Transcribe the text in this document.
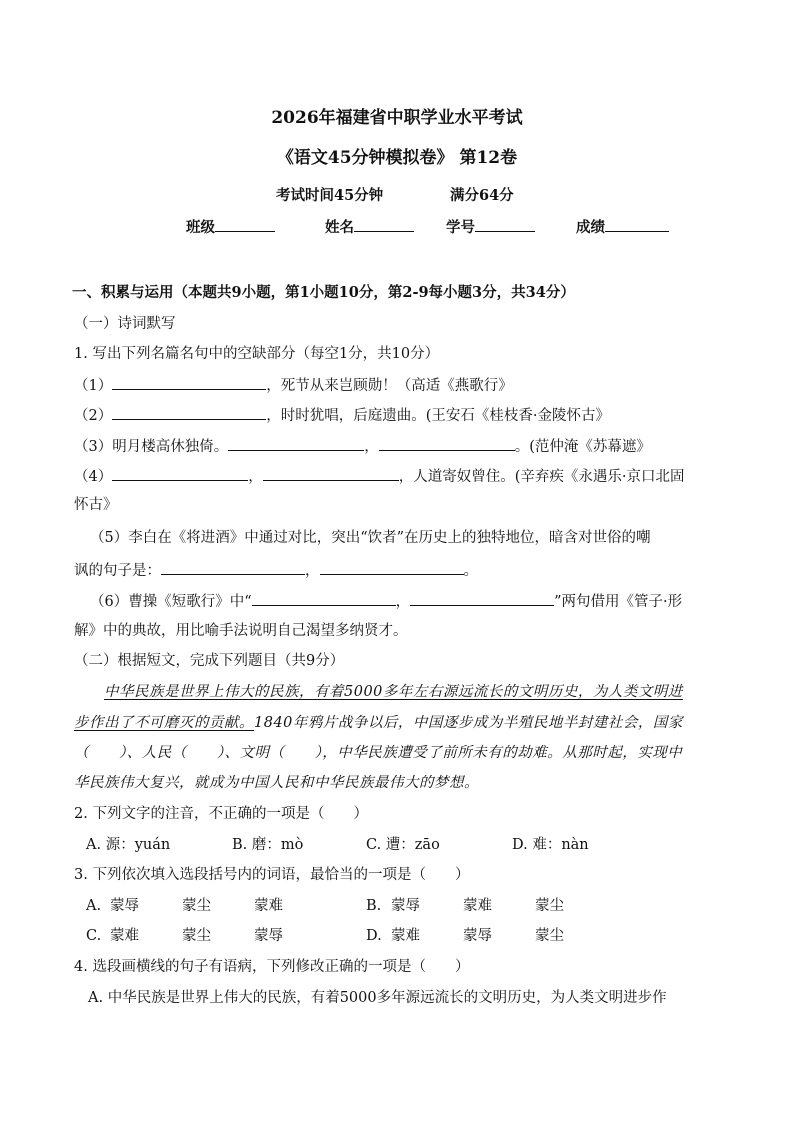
2026年福建省中职学业水平考试
《语文45分钟模拟卷》 第12卷
考试时间45分钟	满分64分
班级	姓名	学号	成绩
一、积累与运用（本题共9小题，第1小题10分，第2-9每小题3分，共34分）
（一）诗词默写
1. 写出下列名篇名句中的空缺部分（每空1分，共10分）
（1）	，死节从来岂顾勋！（高适《燕歌行》
（2）	，时时犹唱，后庭遗曲。(王安石《桂枝香·金陵怀古》
（3）明月楼高休独倚。	，	。(范仲淹《苏幕遮》
（4）	，	，人道寄奴曾住。(辛弃疾《永遇乐·京口北固
怀古》
（5）李白在《将进酒》中通过对比，突出“饮者”在历史上的独特地位，暗含对世俗的嘲
讽的句子是：	，	。
（6）曹操《短歌行》中“	，	”两句借用《管子·形
解》中的典故，用比喻手法说明自己渴望多纳贤才。
（二）根据短文，完成下列题目（共9分）
中华民族是世界上伟大的民族，有着5000多年左右源远流长的文明历史，为人类文明进
步作出了不可磨灭的贡献。1840年鸦片战争以后，中国逐步成为半殖民地半封建社会，国家
（　　）、人民（　　）、文明（　　），中华民族遭受了前所未有的劫难。从那时起，实现中
华民族伟大复兴，就成为中国人民和中华民族最伟大的梦想。
2. 下列文字的注音，不正确的一项是（　　）
A. 源：yuán	B. 磨：mò	C. 遭：zāo	D. 难：nàn
3. 下列依次填入选段括号内的词语，最恰当的一项是（　　）
A. 蒙辱	蒙尘	蒙难	B. 蒙辱	蒙难	蒙尘
C. 蒙难	蒙尘	蒙辱	D. 蒙难	蒙辱	蒙尘
4. 选段画横线的句子有语病，下列修改正确的一项是（　　）
A. 中华民族是世界上伟大的民族，有着5000多年源远流长的文明历史，为人类文明进步作
